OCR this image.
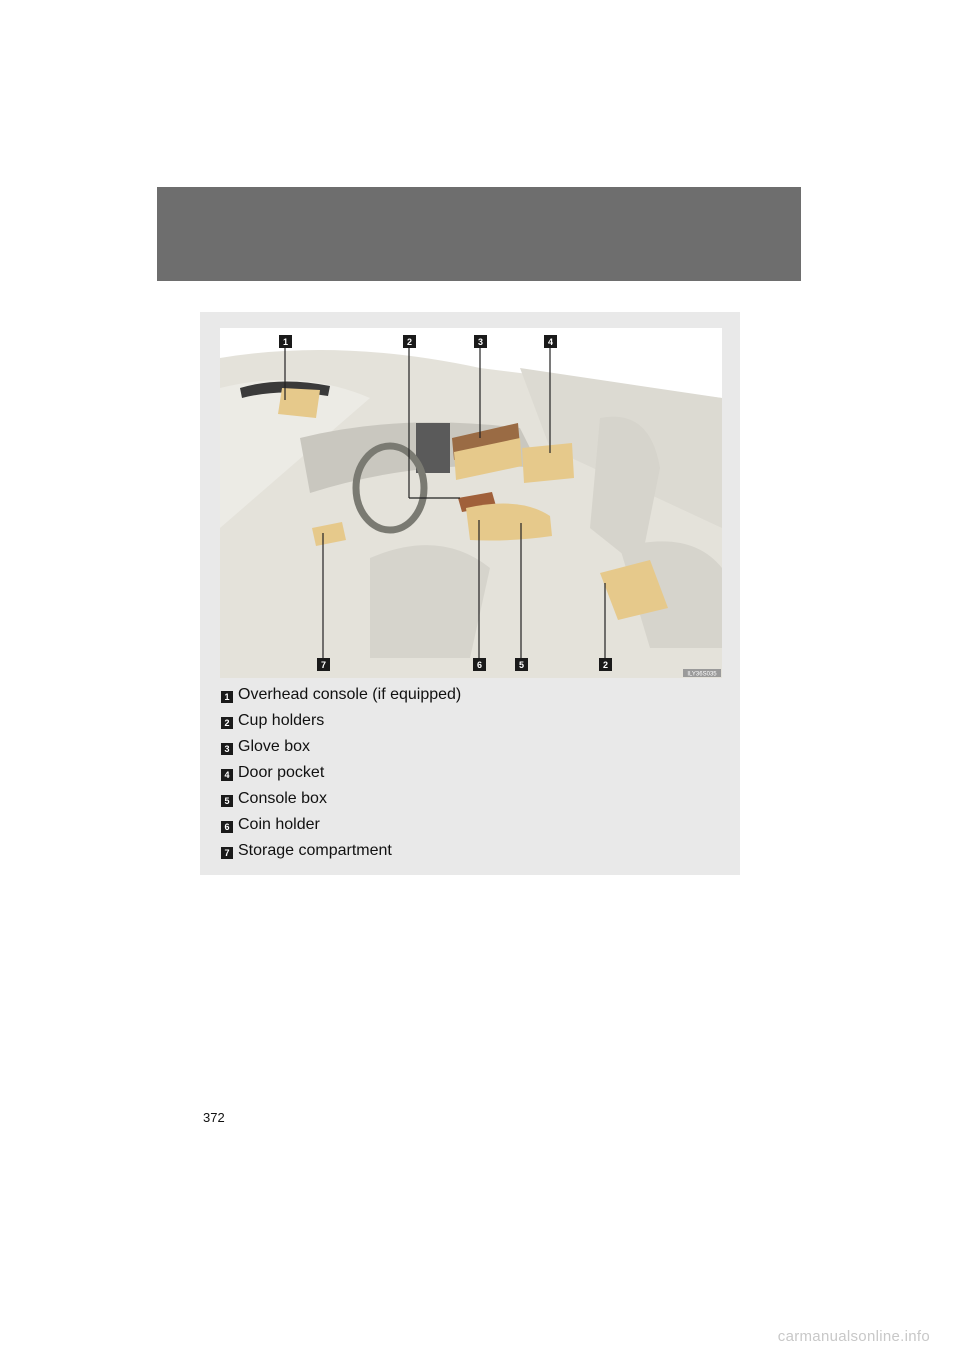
1	2	3	4
7	6	5	2
ILY36S035
1 Overhead console (if equipped)
2 Cup holders
3 Glove box
4 Door pocket
5 Console box
6 Coin holder
7 Storage compartment
372
carmanualsonline.info
